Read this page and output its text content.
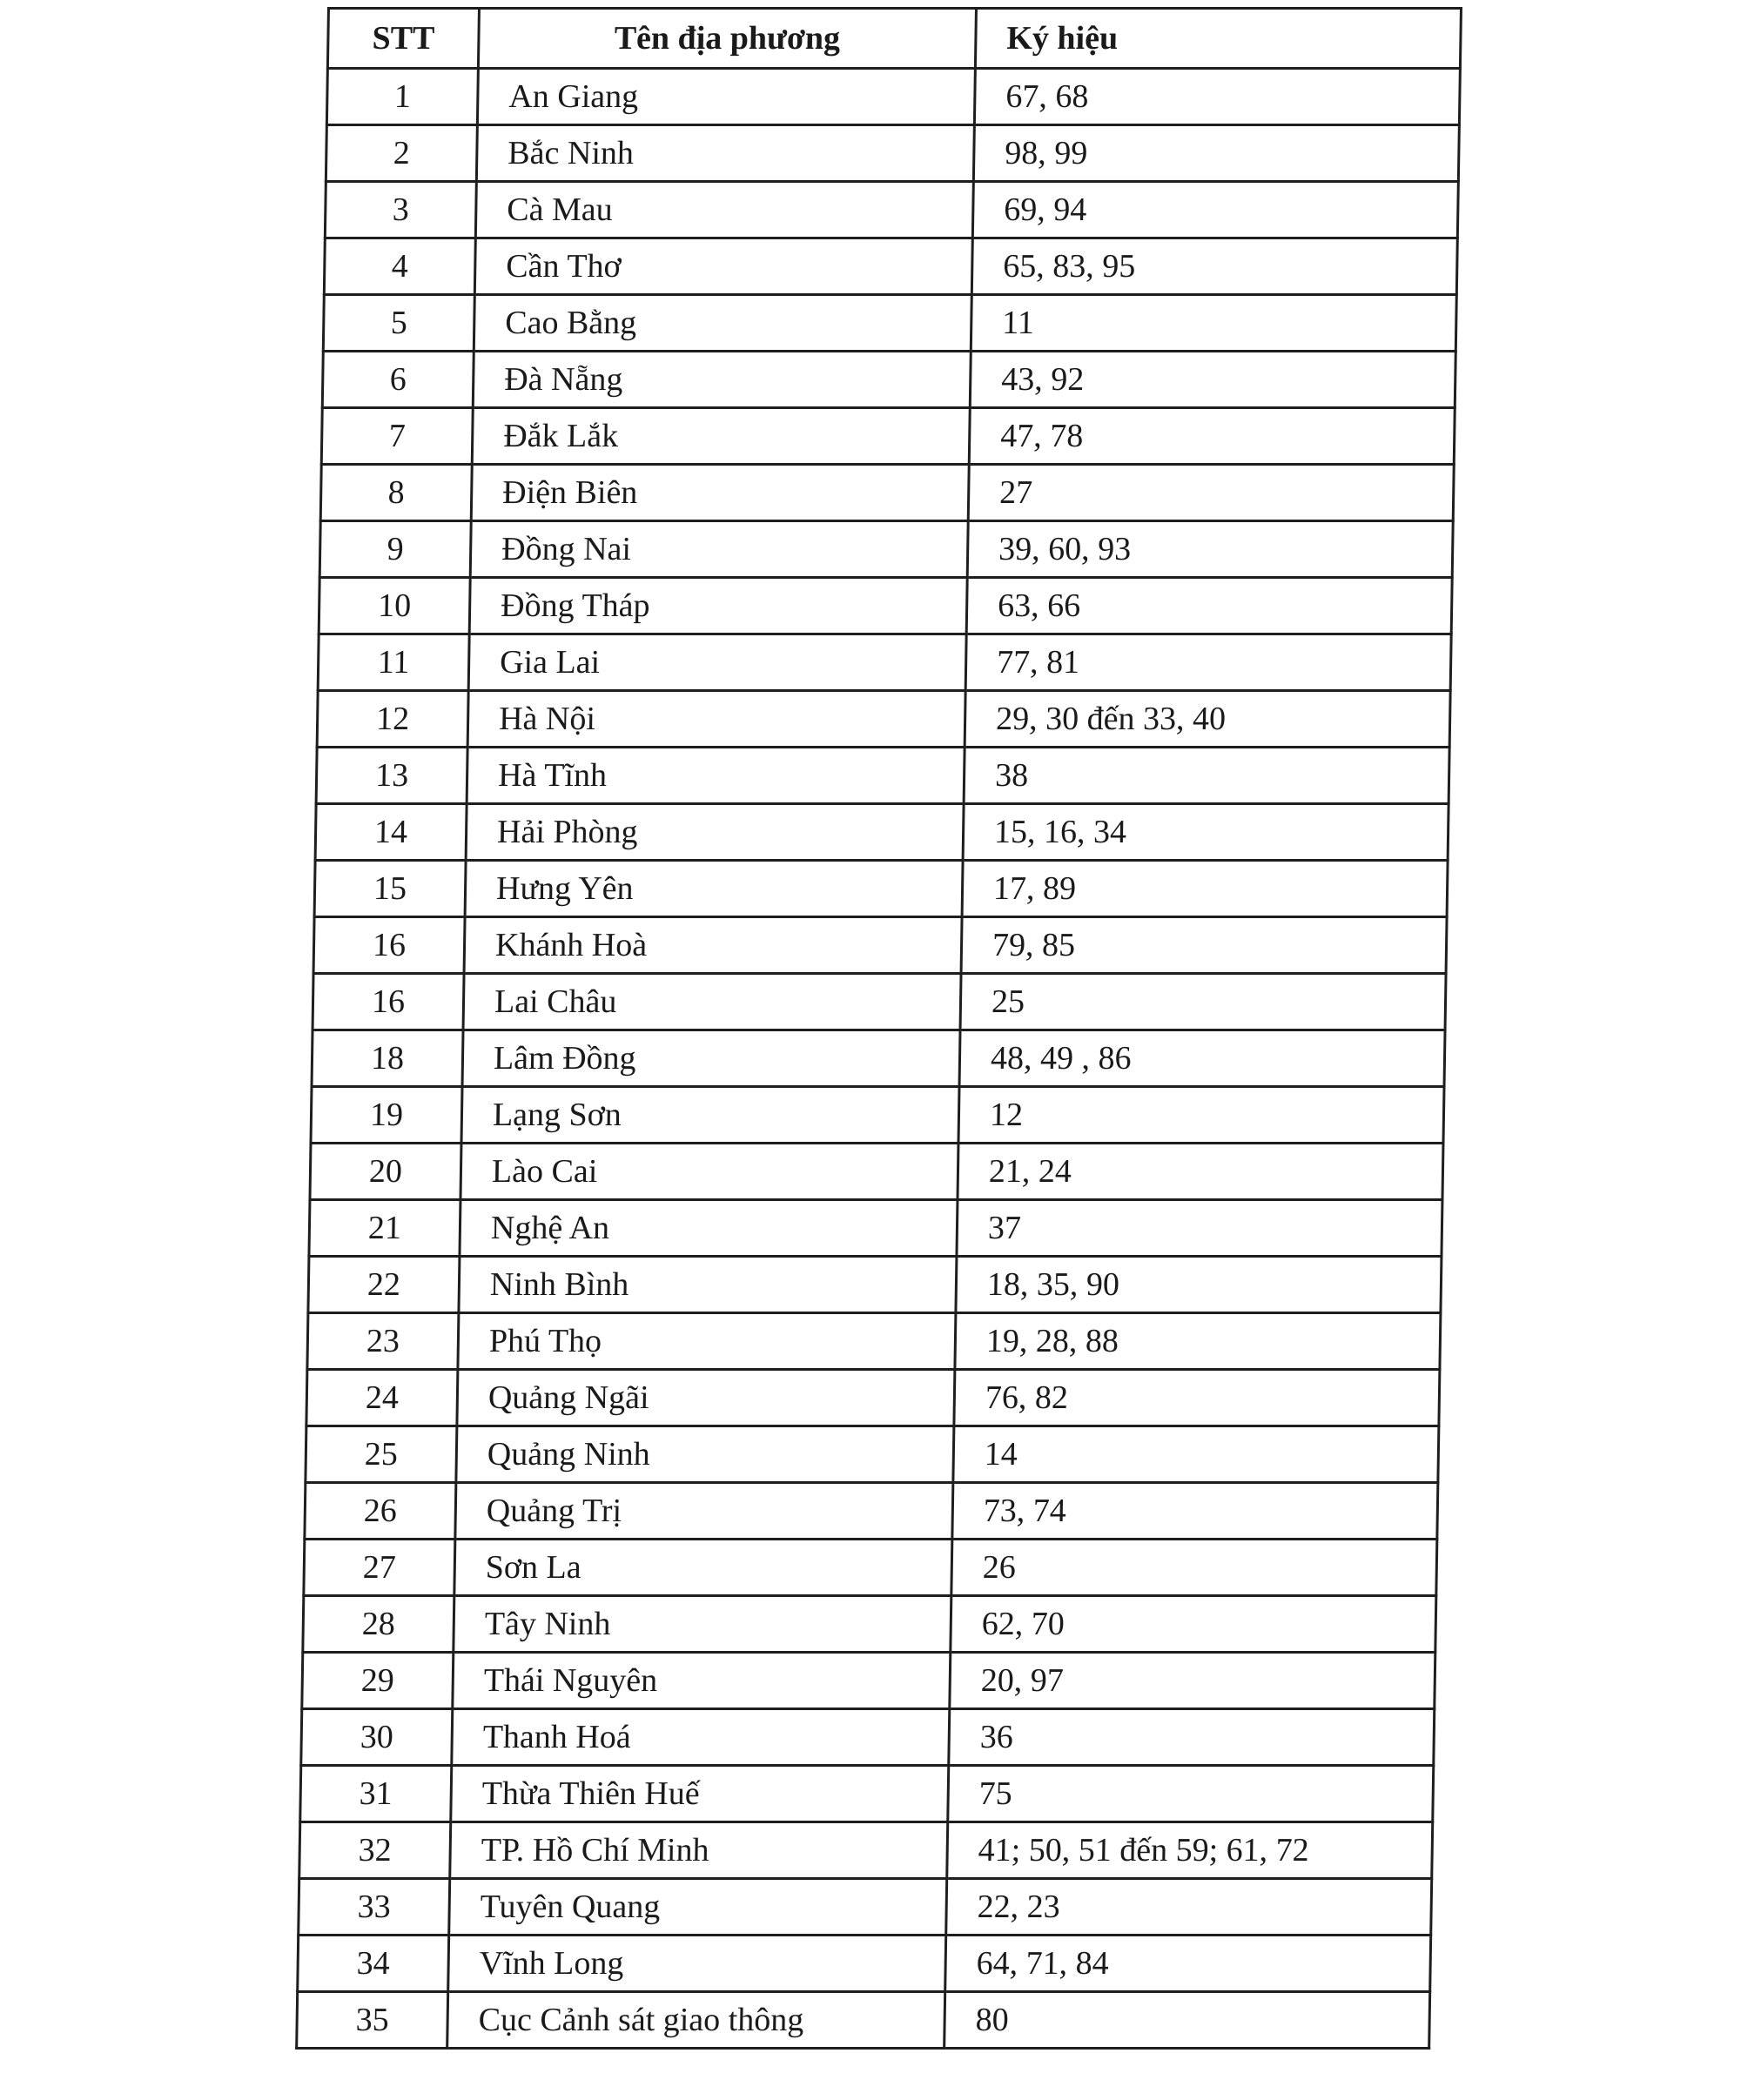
STT	Tên địa phương	Ký hiệu
1	An Giang	67, 68
2	Bắc Ninh	98, 99
3	Cà Mau	69, 94
4	Cần Thơ	65, 83, 95
5	Cao Bằng	11
6	Đà Nẵng	43, 92
7	Đắk Lắk	47, 78
8	Điện Biên	27
9	Đồng Nai	39, 60, 93
10	Đồng Tháp	63, 66
11	Gia Lai	77, 81
12	Hà Nội	29, 30 đến 33, 40
13	Hà Tĩnh	38
14	Hải Phòng	15, 16, 34
15	Hưng Yên	17, 89
16	Khánh Hoà	79, 85
16	Lai Châu	25
18	Lâm Đồng	48, 49 , 86
19	Lạng Sơn	12
20	Lào Cai	21, 24
21	Nghệ An	37
22	Ninh Bình	18, 35, 90
23	Phú Thọ	19, 28, 88
24	Quảng Ngãi	76, 82
25	Quảng Ninh	14
26	Quảng Trị	73, 74
27	Sơn La	26
28	Tây Ninh	62, 70
29	Thái Nguyên	20, 97
30	Thanh Hoá	36
31	Thừa Thiên Huế	75
32	TP. Hồ Chí Minh	41; 50, 51 đến 59; 61, 72
33	Tuyên Quang	22, 23
34	Vĩnh Long	64, 71, 84
35	Cục Cảnh sát giao thông	80
